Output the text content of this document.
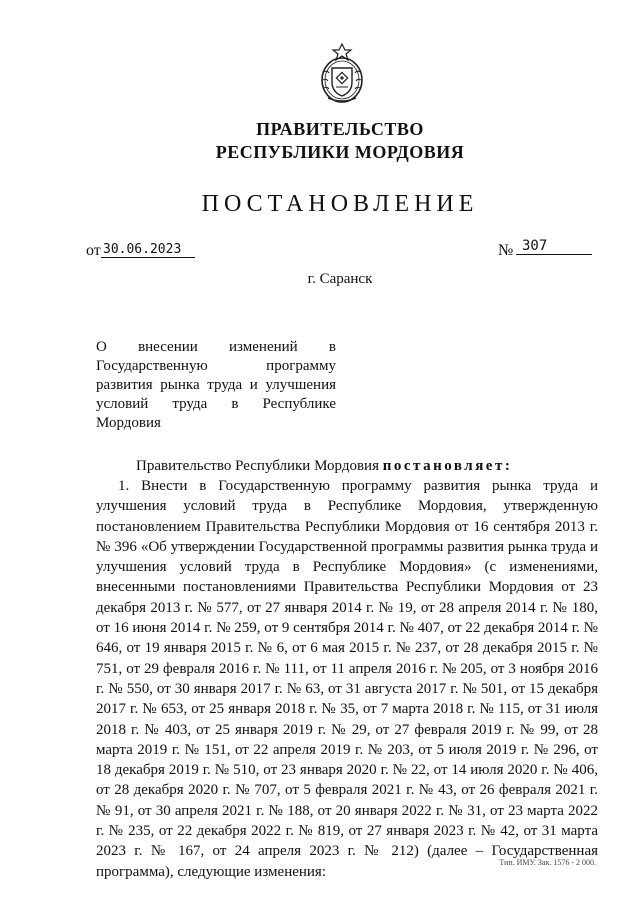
ПРАВИТЕЛЬСТВО
РЕСПУБЛИКИ МОРДОВИЯ
ПОСТАНОВЛЕНИЕ
от 30.06.2023	№ 307
г. Саранск
О внесении изменений в
Государственную программу
развития рынка труда и улучшения
условий труда в Республике
Мордовия
Правительство Республики Мордовия постановляет:
1. Внести в Государственную программу развития рынка труда и улучшения условий труда в Республике Мордовия, утвержденную постановлением Правительства Республики Мордовия от 16 сентября 2013 г. № 396 «Об утверждении Государственной программы развития рынка труда и улучшения условий труда в Республике Мордовия» (с изменениями, внесенными постановлениями Правительства Республики Мордовия от 23 декабря 2013 г. № 577, от 27 января 2014 г. № 19, от 28 апреля 2014 г. № 180, от 16 июня 2014 г. № 259, от 9 сентября 2014 г. № 407, от 22 декабря 2014 г. № 646, от 19 января 2015 г. № 6, от 6 мая 2015 г. № 237, от 28 декабря 2015 г. № 751, от 29 февраля 2016 г. № 111, от 11 апреля 2016 г. № 205, от 3 ноября 2016 г. № 550, от 30 января 2017 г. № 63, от 31 августа 2017 г. № 501, от 15 декабря 2017 г. № 653, от 25 января 2018 г. № 35, от 7 марта 2018 г. № 115, от 31 июля 2018 г. № 403, от 25 января 2019 г. № 29, от 27 февраля 2019 г. № 99, от 28 марта 2019 г. № 151, от 22 апреля 2019 г. № 203, от 5 июля 2019 г. № 296, от 18 декабря 2019 г. № 510, от 23 января 2020 г. № 22, от 14 июля 2020 г. № 406, от 28 декабря 2020 г. № 707, от 5 февраля 2021 г. № 43, от 26 февраля 2021 г. № 91, от 30 апреля 2021 г. № 188, от 20 января 2022 г. № 31, от 23 марта 2022 г. № 235, от 22 декабря 2022 г. № 819, от 27 января 2023 г. № 42, от 31 марта 2023 г. № 167, от 24 апреля 2023 г. № 212) (далее – Государственная программа), следующие изменения:
Тип. ИМУ. Зак. 1576 - 2 000.
